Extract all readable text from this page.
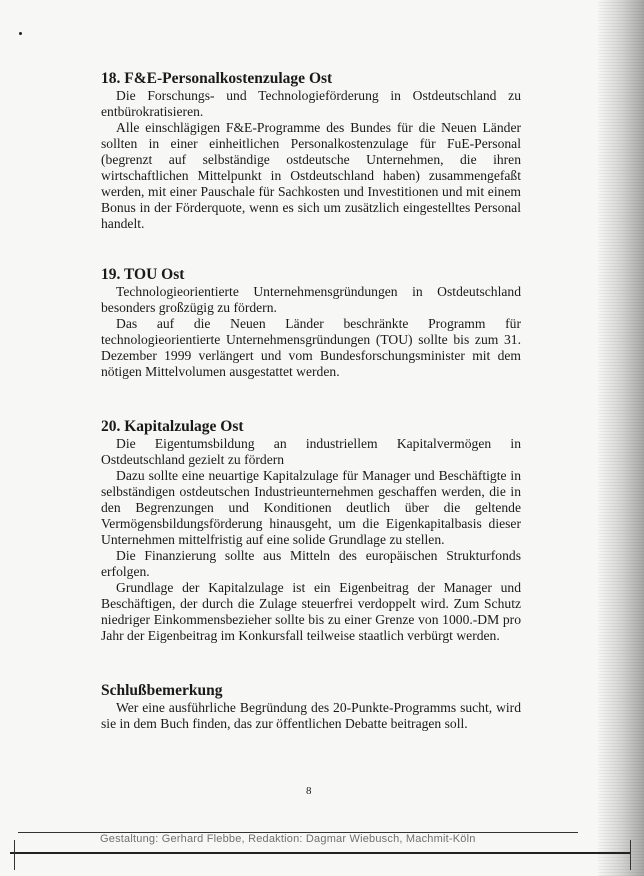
18. F&E-Personalkostenzulage Ost

Die Forschungs- und Technologieförderung in Ostdeutschland zu entbürokratisieren.

Alle einschlägigen F&E-Programme des Bundes für die Neuen Länder sollten in einer einheitlichen Personalkostenzulage für FuE-Personal (begrenzt auf selbständige ostdeutsche Unternehmen, die ihren wirtschaftlichen Mittelpunkt in Ostdeutschland haben) zusammengefaßt werden, mit einer Pauschale für Sachkosten und Investitionen und mit einem Bonus in der Förderquote, wenn es sich um zusätzlich eingestelltes Personal handelt.

19. TOU Ost

Technologieorientierte Unternehmensgründungen in Ostdeutschland besonders großzügig zu fördern.

Das auf die Neuen Länder beschränkte Programm für technologieorientierte Unternehmensgründungen (TOU) sollte bis zum 31. Dezember 1999 verlängert und vom Bundesforschungsminister mit dem nötigen Mittelvolumen ausgestattet werden.

20. Kapitalzulage Ost

Die Eigentumsbildung an industriellem Kapitalvermögen in Ostdeutschland gezielt zu fördern

Dazu sollte eine neuartige Kapitalzulage für Manager und Beschäftigte in selbständigen ostdeutschen Industrieunternehmen geschaffen werden, die in den Begrenzungen und Konditionen deutlich über die geltende Vermögensbildungsförderung hinausgeht, um die Eigenkapitalbasis dieser Unternehmen mittelfristig auf eine solide Grundlage zu stellen.

Die Finanzierung sollte aus Mitteln des europäischen Strukturfonds erfolgen.

Grundlage der Kapitalzulage ist ein Eigenbeitrag der Manager und Beschäftigen, der durch die Zulage steuerfrei verdoppelt wird. Zum Schutz niedriger Einkommensbezieher sollte bis zu einer Grenze von 1000.-DM pro Jahr der Eigenbeitrag im Konkursfall teilweise staatlich verbürgt werden.

Schlußbemerkung

Wer eine ausführliche Begründung des 20-Punkte-Programms sucht, wird sie in dem Buch finden, das zur öffentlichen Debatte beitragen soll.

8
Gestaltung: Gerhard Flebbe, Redaktion: Dagmar Wiebusch, Machmit-Köln
